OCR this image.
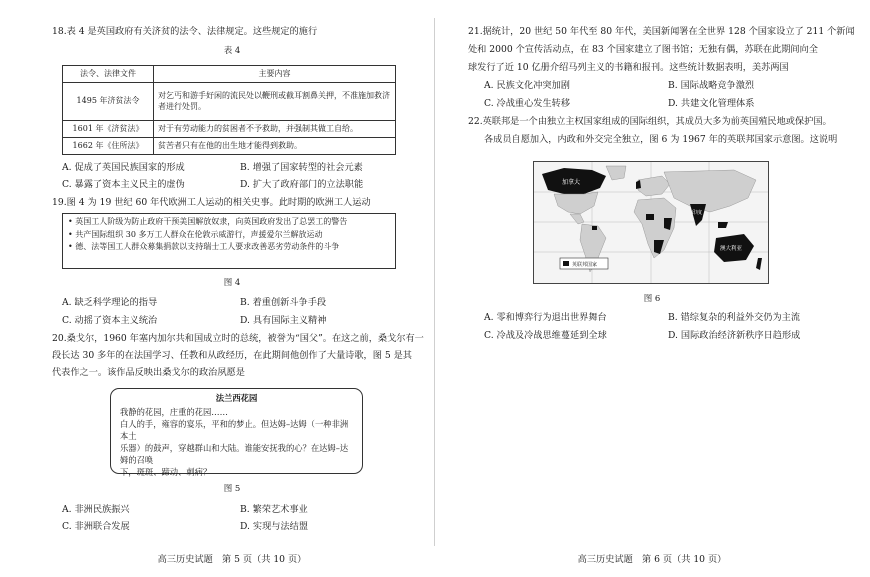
18.表 4 是英国政府有关济贫的法令、法律规定。这些规定的施行
表 4
法令、法律文件	主要内容
1495 年济贫法令	对乞丐和游手好闲的流民处以鞭刑或截耳割鼻关押，不准施加救济者进行处罚。
1601 年《济贫法》	对于有劳动能力的贫困者不予救助，并强制其做工自给。
1662 年《住所法》	贫苦者只有在他的出生地才能得到救助。
A. 促成了英国民族国家的形成	B. 增强了国家转型的社会元素
C. 暴露了资本主义民主的虚伪	D. 扩大了政府部门的立法职能
19.图 4 为 19 世纪 60 年代欧洲工人运动的相关史事。此时期的欧洲工人运动
• 英国工人阶级为防止政府干预美国解放奴隶，向英国政府发出了总罢工的警告
• 共产国际组织 30 多万工人群众在伦敦示威游行，声援爱尔兰解放运动
• 德、法等国工人群众募集捐款以支持瑞士工人要求改善恶劣劳动条件的斗争
图 4
A. 缺乏科学理论的指导	B. 着重创新斗争手段
C. 动摇了资本主义统治	D. 具有国际主义精神
20.桑戈尔，1960 年塞内加尔共和国成立时的总统，被誉为“国父”。在这之前，桑戈尔有一
段长达 30 多年的在法国学习、任教和从政经历，在此期间他创作了大量诗歌，图 5 是其
代表作之一。该作品反映出桑戈尔的政治夙愿是
法兰西花园
我静的花园，庄重的花园……
白人的手，雍容的宴乐，平和的梦止。但达姆–达姆（一种非洲本土
乐器）的鼓声，穿越群山和大陆。谁能安抚我的心？在达姆–达姆的召唤
下，斑斑、蹄动、刺病？
图 5
A. 非洲民族振兴	B. 繁荣艺术事业
C. 非洲联合发展	D. 实现与法结盟
高三历史试题　第 5 页（共 10 页）
21.据统计，20 世纪 50 年代至 80 年代，美国新闻署在全世界 128 个国家设立了 211 个新闻
处和 2000 个宣传活动点，在 83 个国家建立了图书馆；无独有偶，苏联在此期间向全
球发行了近 10 亿册介绍马列主义的书籍和报刊。这些统计数据表明，美苏两国
A. 民族文化冲突加剧	B. 国际战略竞争激烈
C. 冷战重心发生转移	D. 共建文化管理体系
22.英联邦是一个由独立主权国家组成的国际组织，其成员大多为前英国殖民地或保护国。
各成员自愿加入，内政和外交完全独立，图 6 为 1967 年的英联邦国家示意图。这说明
加拿大
印度
澳大利亚
英联邦国家
图 6
A. 零和博弈行为退出世界舞台	B. 错综复杂的利益外交仍为主流
C. 冷战及冷战思维蔓延到全球	D. 国际政治经济新秩序日趋形成
高三历史试题　第 6 页（共 10 页）
